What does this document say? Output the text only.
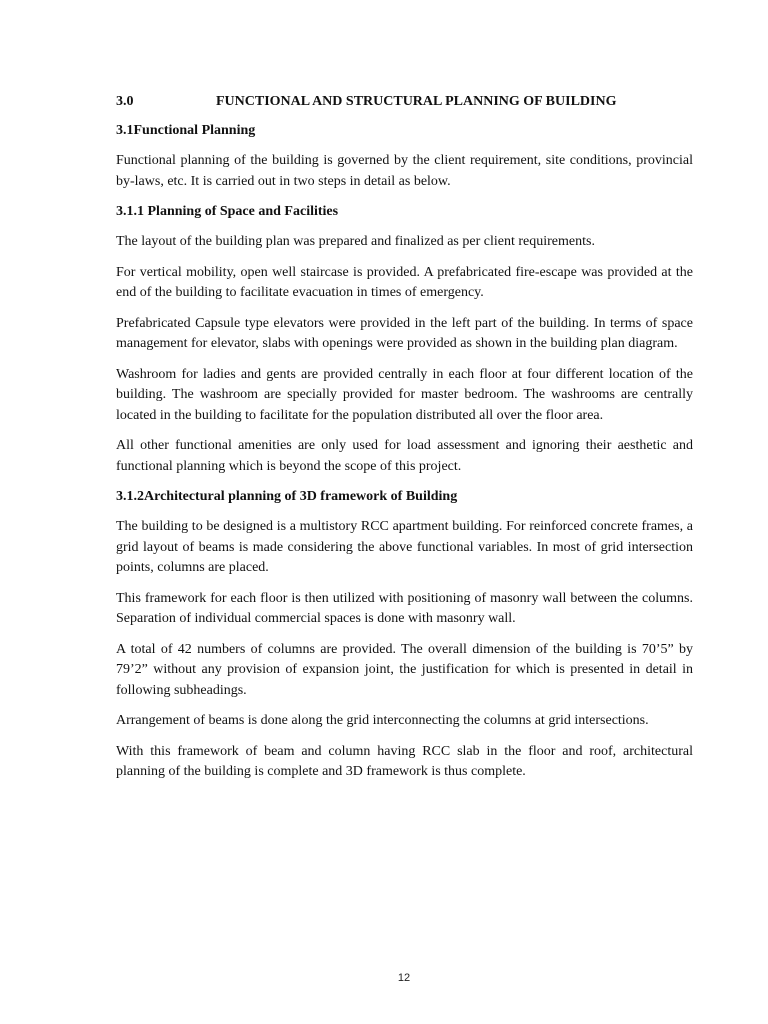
3.0	FUNCTIONAL AND STRUCTURAL PLANNING OF BUILDING
3.1Functional Planning

Functional planning of the building is governed by the client requirement, site conditions, provincial by-laws, etc. It is carried out in two steps in detail as below.

3.1.1 Planning of Space and Facilities

The layout of the building plan was prepared and finalized as per client requirements.

For vertical mobility, open well staircase is provided. A prefabricated fire-escape was provided at the end of the building to facilitate evacuation in times of emergency.

Prefabricated Capsule type elevators were provided in the left part of the building. In terms of space management for elevator, slabs with openings were provided as shown in the building plan diagram.

Washroom for ladies and gents are provided centrally in each floor at four different location of the building. The washroom are specially provided for master bedroom. The washrooms are centrally located in the building to facilitate for the population distributed all over the floor area.

All other functional amenities are only used for load assessment and ignoring their aesthetic and functional planning which is beyond the scope of this project.

3.1.2Architectural planning of 3D framework of Building

The building to be designed is a multistory RCC apartment building. For reinforced concrete frames, a grid layout of beams is made considering the above functional variables. In most of grid intersection points, columns are placed.

This framework for each floor is then utilized with positioning of masonry wall between the columns. Separation of individual commercial spaces is done with masonry wall.

A total of 42 numbers of columns are provided. The overall dimension of the building is 70’5” by 79’2” without any provision of expansion joint, the justification for which is presented in detail in following subheadings.

Arrangement of beams is done along the grid interconnecting the columns at grid intersections.

With this framework of beam and column having RCC slab in the floor and roof, architectural planning of the building is complete and 3D framework is thus complete.

12
